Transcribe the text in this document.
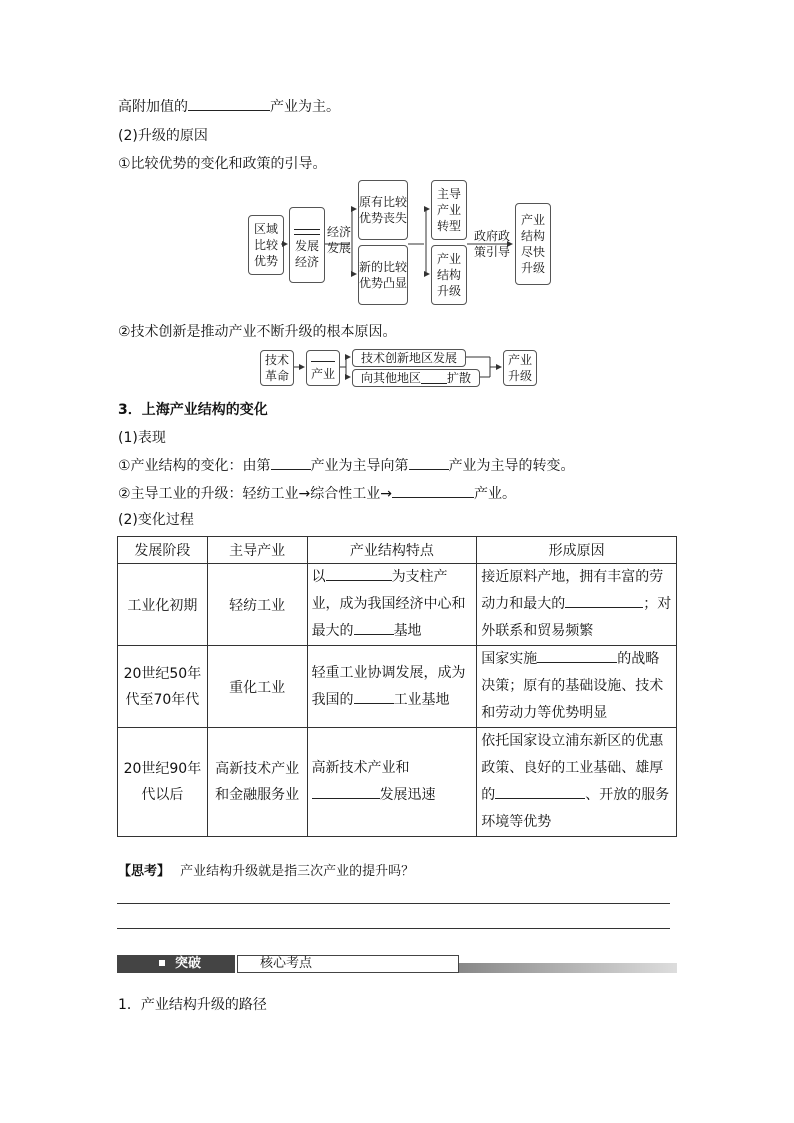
高附加值的	产业为主。
(2)升级的原因
①比较优势的变化和政策的引导。
区域比较优势
发展经济
经济发展
原有比较优势丧失
新的比较优势凸显
主导产业转型
产业结构升级
政府政策引导
产业结构尽快升级
②技术创新是推动产业不断升级的根本原因。
技术革命	产业
技术创新地区发展
向其他地区 扩散
产业升级
3．上海产业结构的变化
(1)表现
①产业结构的变化：由第	产业为主导向第	产业为主导的转变。
②主导工业的升级：轻纺工业→综合性工业→	产业。
(2)变化过程
发展阶段	主导产业	产业结构特点	形成原因
工业化初期	轻纺工业	以 为支柱产业，成为我国经济中心和最大的 基地	接近原料产地，拥有丰富的劳动力和最大的 ；对外联系和贸易频繁
20世纪50年代至70年代	重化工业	轻重工业协调发展，成为我国的 工业基地	国家实施 的战略决策；原有的基础设施、技术和劳动力等优势明显
20世纪90年代以后	高新技术产业和金融服务业	高新技术产业和发展迅速	依托国家设立浦东新区的优惠政策、良好的工业基础、雄厚的 、开放的服务环境等优势
【思考】 产业结构升级就是指三次产业的提升吗？
突破	核心考点
1．产业结构升级的路径
